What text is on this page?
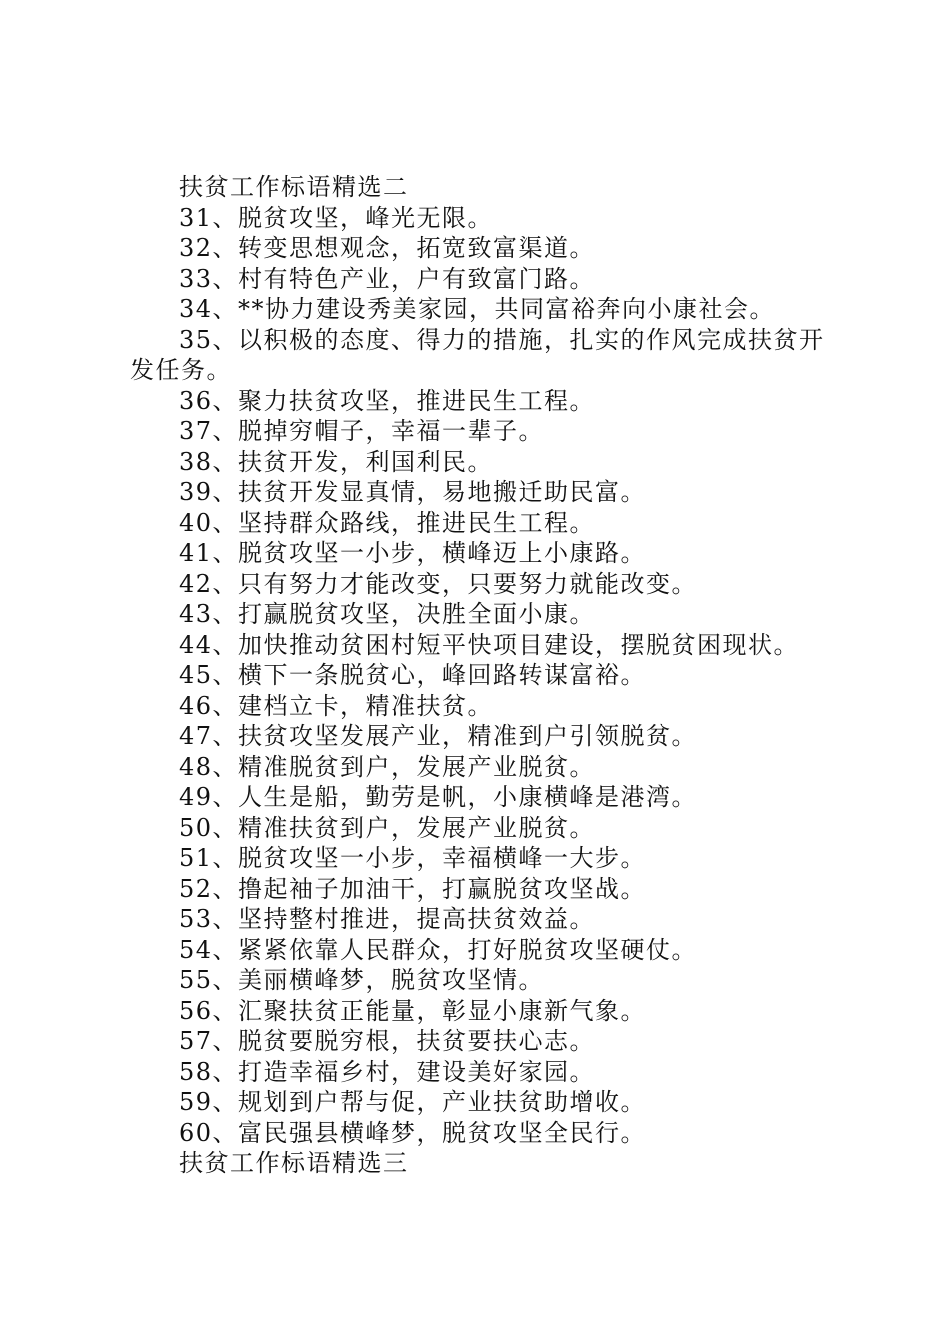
扶贫工作标语精选二
31、脱贫攻坚，峰光无限。
32、转变思想观念，拓宽致富渠道。
33、村有特色产业，户有致富门路。
34、**协力建设秀美家园，共同富裕奔向小康社会。
35、以积极的态度、得力的措施，扎实的作风完成扶贫开
发任务。
36、聚力扶贫攻坚，推进民生工程。
37、脱掉穷帽子，幸福一辈子。
38、扶贫开发，利国利民。
39、扶贫开发显真情，易地搬迁助民富。
40、坚持群众路线，推进民生工程。
41、脱贫攻坚一小步，横峰迈上小康路。
42、只有努力才能改变，只要努力就能改变。
43、打赢脱贫攻坚，决胜全面小康。
44、加快推动贫困村短平快项目建设，摆脱贫困现状。
45、横下一条脱贫心，峰回路转谋富裕。
46、建档立卡，精准扶贫。
47、扶贫攻坚发展产业，精准到户引领脱贫。
48、精准脱贫到户，发展产业脱贫。
49、人生是船，勤劳是帆，小康横峰是港湾。
50、精准扶贫到户，发展产业脱贫。
51、脱贫攻坚一小步，幸福横峰一大步。
52、撸起袖子加油干，打赢脱贫攻坚战。
53、坚持整村推进，提高扶贫效益。
54、紧紧依靠人民群众，打好脱贫攻坚硬仗。
55、美丽横峰梦，脱贫攻坚情。
56、汇聚扶贫正能量，彰显小康新气象。
57、脱贫要脱穷根，扶贫要扶心志。
58、打造幸福乡村，建设美好家园。
59、规划到户帮与促，产业扶贫助增收。
60、富民强县横峰梦，脱贫攻坚全民行。
扶贫工作标语精选三
